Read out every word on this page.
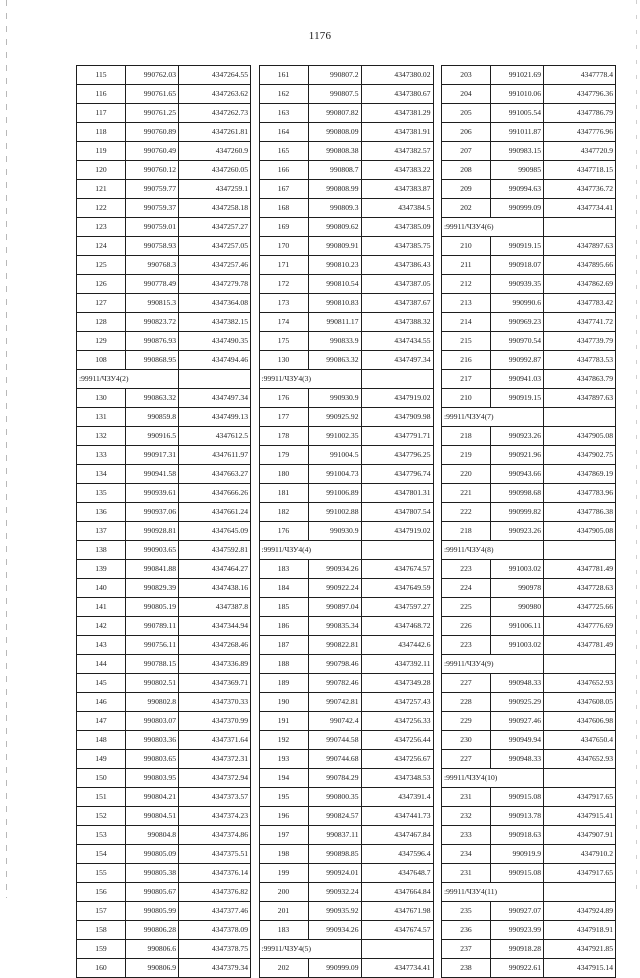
1176
115	990762.03	4347264.55
116	990761.65	4347263.62
117	990761.25	4347262.73
118	990760.89	4347261.81
119	990760.49	4347260.9
120	990760.12	4347260.05
121	990759.77	4347259.1
122	990759.37	4347258.18
123	990759.01	4347257.27
124	990758.93	4347257.05
125	990768.3	4347257.46
126	990778.49	4347279.78
127	990815.3	4347364.08
128	990823.72	4347382.15
129	990876.93	4347490.35
108	990868.95	4347494.46
:99911/ЧЗУ4(2)		
130	990863.32	4347497.34
131	990859.8	4347499.13
132	990916.5	4347612.5
133	990917.31	4347611.97
134	990941.58	4347663.27
135	990939.61	4347666.26
136	990937.06	4347661.24
137	990928.81	4347645.09
138	990903.65	4347592.81
139	990841.88	4347464.27
140	990829.39	4347438.16
141	990805.19	4347387.8
142	990789.11	4347344.94
143	990756.11	4347268.46
144	990788.15	4347336.89
145	990802.51	4347369.71
146	990802.8	4347370.33
147	990803.07	4347370.99
148	990803.36	4347371.64
149	990803.65	4347372.31
150	990803.95	4347372.94
151	990804.21	4347373.57
152	990804.51	4347374.23
153	990804.8	4347374.86
154	990805.09	4347375.51
155	990805.38	4347376.14
156	990805.67	4347376.82
157	990805.99	4347377.46
158	990806.28	4347378.09
159	990806.6	4347378.75
160	990806.9	4347379.34
161	990807.2	4347380.02
162	990807.5	4347380.67
163	990807.82	4347381.29
164	990808.09	4347381.91
165	990808.38	4347382.57
166	990808.7	4347383.22
167	990808.99	4347383.87
168	990809.3	4347384.5
169	990809.62	4347385.09
170	990809.91	4347385.75
171	990810.23	4347386.43
172	990810.54	4347387.05
173	990810.83	4347387.67
174	990811.17	4347388.32
175	990833.9	4347434.55
130	990863.32	4347497.34
:99911/ЧЗУ4(3)		
176	990930.9	4347919.02
177	990925.92	4347909.98
178	991002.35	4347791.71
179	991004.5	4347796.25
180	991004.73	4347796.74
181	991006.89	4347801.31
182	991002.88	4347807.54
176	990930.9	4347919.02
:99911/ЧЗУ4(4)		
183	990934.26	4347674.57
184	990922.24	4347649.59
185	990897.04	4347597.27
186	990835.34	4347468.72
187	990822.81	4347442.6
188	990798.46	4347392.11
189	990782.46	4347349.28
190	990742.81	4347257.43
191	990742.4	4347256.33
192	990744.58	4347256.44
193	990744.68	4347256.67
194	990784.29	4347348.53
195	990800.35	4347391.4
196	990824.57	4347441.73
197	990837.11	4347467.84
198	990898.85	4347596.4
199	990924.01	4347648.7
200	990932.24	4347664.84
201	990935.92	4347671.98
183	990934.26	4347674.57
:99911/ЧЗУ4(5)		
202	990999.09	4347734.41
203	991021.69	4347778.4
204	991010.06	4347796.36
205	991005.54	4347786.79
206	991011.87	4347776.96
207	990983.15	4347720.9
208	990985	4347718.15
209	990994.63	4347736.72
202	990999.09	4347734.41
:99911/ЧЗУ4(6)		
210	990919.15	4347897.63
211	990918.07	4347895.66
212	990939.35	4347862.69
213	990990.6	4347783.42
214	990969.23	4347741.72
215	990970.54	4347739.79
216	990992.87	4347783.53
217	990941.03	4347863.79
210	990919.15	4347897.63
:99911/ЧЗУ4(7)		
218	990923.26	4347905.08
219	990921.96	4347902.75
220	990943.66	4347869.19
221	990998.68	4347783.96
222	990999.82	4347786.38
218	990923.26	4347905.08
:99911/ЧЗУ4(8)		
223	991003.02	4347781.49
224	990978	4347728.63
225	990980	4347725.66
226	991006.11	4347776.69
223	991003.02	4347781.49
:99911/ЧЗУ4(9)		
227	990948.33	4347652.93
228	990925.29	4347608.05
229	990927.46	4347606.98
230	990949.94	4347650.4
227	990948.33	4347652.93
:99911/ЧЗУ4(10)		
231	990915.08	4347917.65
232	990913.78	4347915.41
233	990918.63	4347907.91
234	990919.9	4347910.2
231	990915.08	4347917.65
:99911/ЧЗУ4(11)		
235	990927.07	4347924.89
236	990923.99	4347918.91
237	990918.28	4347921.85
238	990922.61	4347915.14
